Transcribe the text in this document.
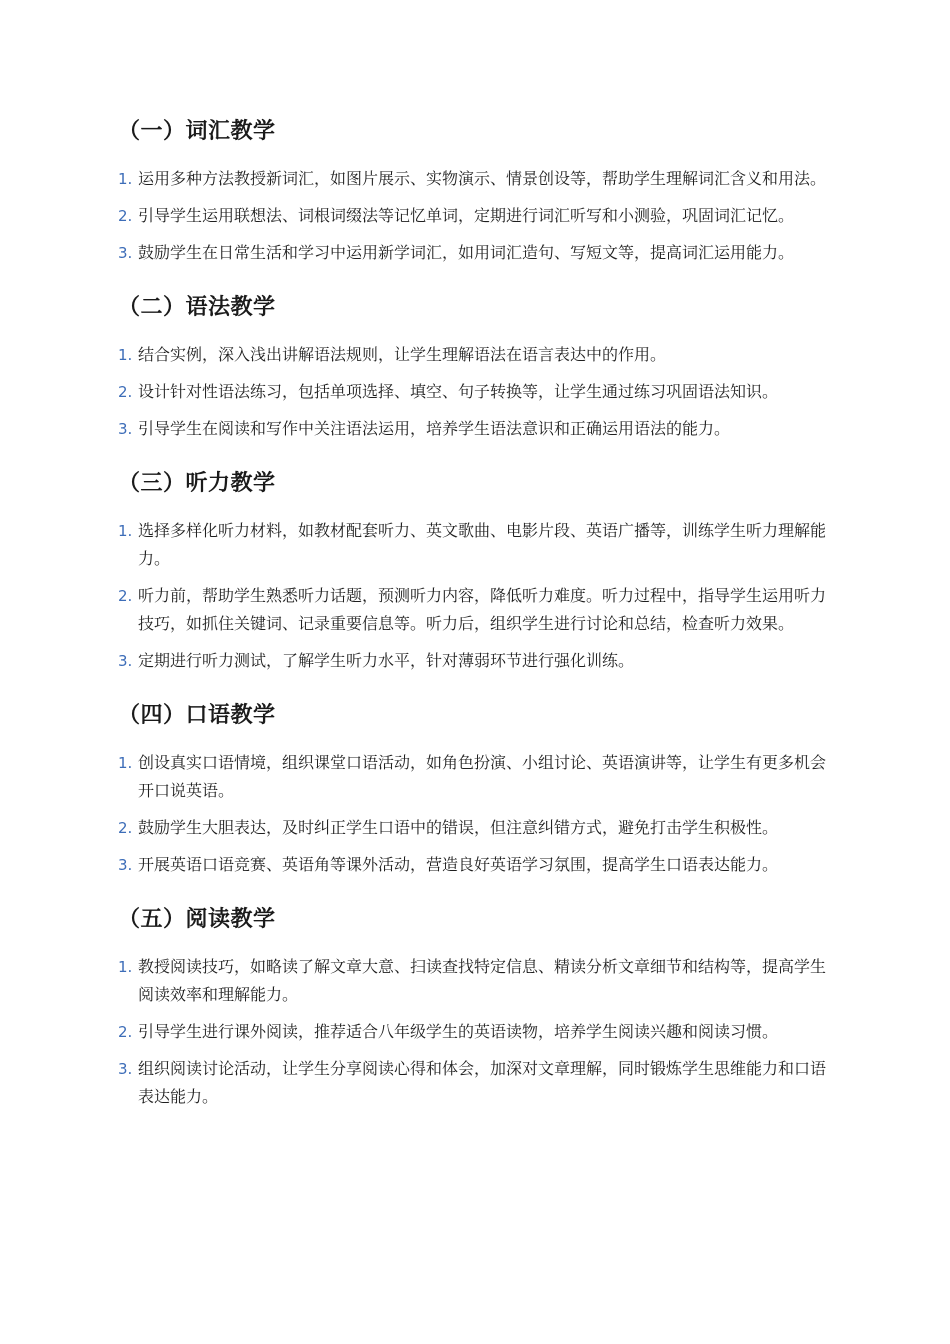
（一）词汇教学
1. 运用多种方法教授新词汇，如图片展示、实物演示、情景创设等，帮助学生理解词汇含义和用法。
2. 引导学生运用联想法、词根词缀法等记忆单词，定期进行词汇听写和小测验，巩固词汇记忆。
3. 鼓励学生在日常生活和学习中运用新学词汇，如用词汇造句、写短文等，提高词汇运用能力。
（二）语法教学
1. 结合实例，深入浅出讲解语法规则，让学生理解语法在语言表达中的作用。
2. 设计针对性语法练习，包括单项选择、填空、句子转换等，让学生通过练习巩固语法知识。
3. 引导学生在阅读和写作中关注语法运用，培养学生语法意识和正确运用语法的能力。
（三）听力教学
1. 选择多样化听力材料，如教材配套听力、英文歌曲、电影片段、英语广播等，训练学生听力理解能力。
2. 听力前，帮助学生熟悉听力话题，预测听力内容，降低听力难度。听力过程中，指导学生运用听力技巧，如抓住关键词、记录重要信息等。听力后，组织学生进行讨论和总结，检查听力效果。
3. 定期进行听力测试，了解学生听力水平，针对薄弱环节进行强化训练。
（四）口语教学
1. 创设真实口语情境，组织课堂口语活动，如角色扮演、小组讨论、英语演讲等，让学生有更多机会开口说英语。
2. 鼓励学生大胆表达，及时纠正学生口语中的错误，但注意纠错方式，避免打击学生积极性。
3. 开展英语口语竞赛、英语角等课外活动，营造良好英语学习氛围，提高学生口语表达能力。
（五）阅读教学
1. 教授阅读技巧，如略读了解文章大意、扫读查找特定信息、精读分析文章细节和结构等，提高学生阅读效率和理解能力。
2. 引导学生进行课外阅读，推荐适合八年级学生的英语读物，培养学生阅读兴趣和阅读习惯。
3. 组织阅读讨论活动，让学生分享阅读心得和体会，加深对文章理解，同时锻炼学生思维能力和口语表达能力。
